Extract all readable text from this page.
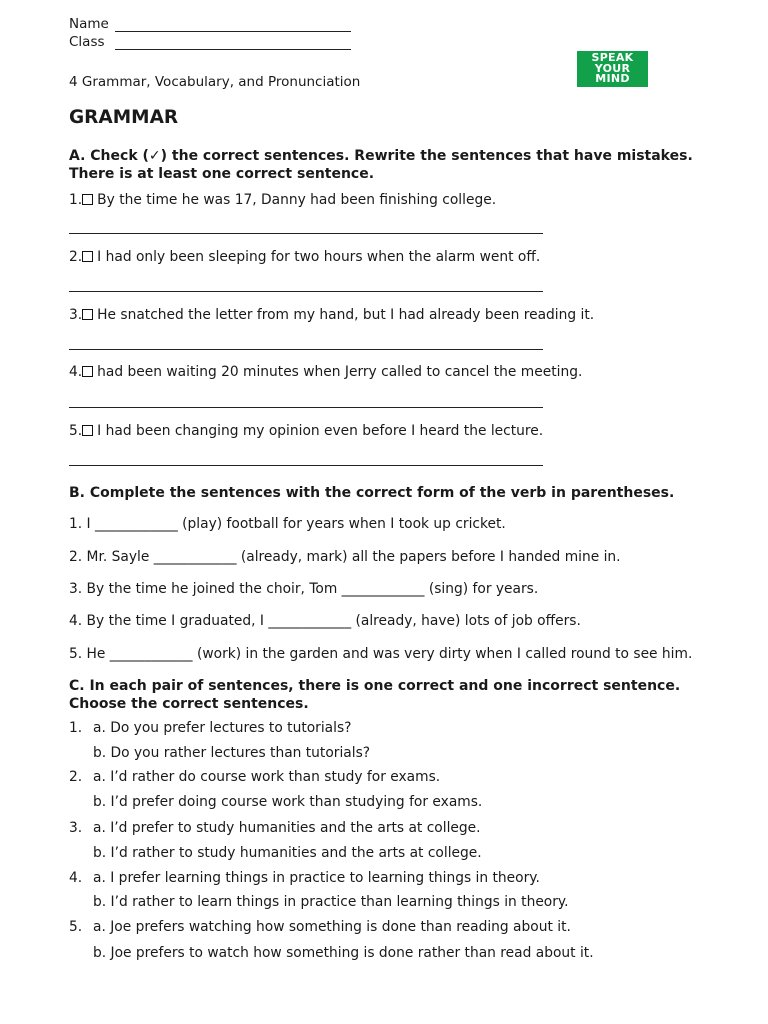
Name
Class
4 Grammar, Vocabulary, and Pronunciation
SPEAK
YOUR
MIND
GRAMMAR
A. Check (✓) the correct sentences. Rewrite the sentences that have mistakes.
There is at least one correct sentence.
1. By the time he was 17, Danny had been finishing college.
2. I had only been sleeping for two hours when the alarm went off.
3. He snatched the letter from my hand, but I had already been reading it.
4. had been waiting 20 minutes when Jerry called to cancel the meeting.
5. I had been changing my opinion even before I heard the lecture.
B. Complete the sentences with the correct form of the verb in parentheses.
1. I ____________ (play) football for years when I took up cricket.
2. Mr. Sayle ____________ (already, mark) all the papers before I handed mine in.
3. By the time he joined the choir, Tom ____________ (sing) for years.
4. By the time I graduated, I ____________ (already, have) lots of job offers.
5. He ____________ (work) in the garden and was very dirty when I called round to see him.
C. In each pair of sentences, there is one correct and one incorrect sentence.
Choose the correct sentences.
1. a. Do you prefer lectures to tutorials?
b. Do you rather lectures than tutorials?
2. a. I’d rather do course work than study for exams.
b. I’d prefer doing course work than studying for exams.
3. a. I’d prefer to study humanities and the arts at college.
b. I’d rather to study humanities and the arts at college.
4. a. I prefer learning things in practice to learning things in theory.
b. I’d rather to learn things in practice than learning things in theory.
5. a. Joe prefers watching how something is done than reading about it.
b. Joe prefers to watch how something is done rather than read about it.
